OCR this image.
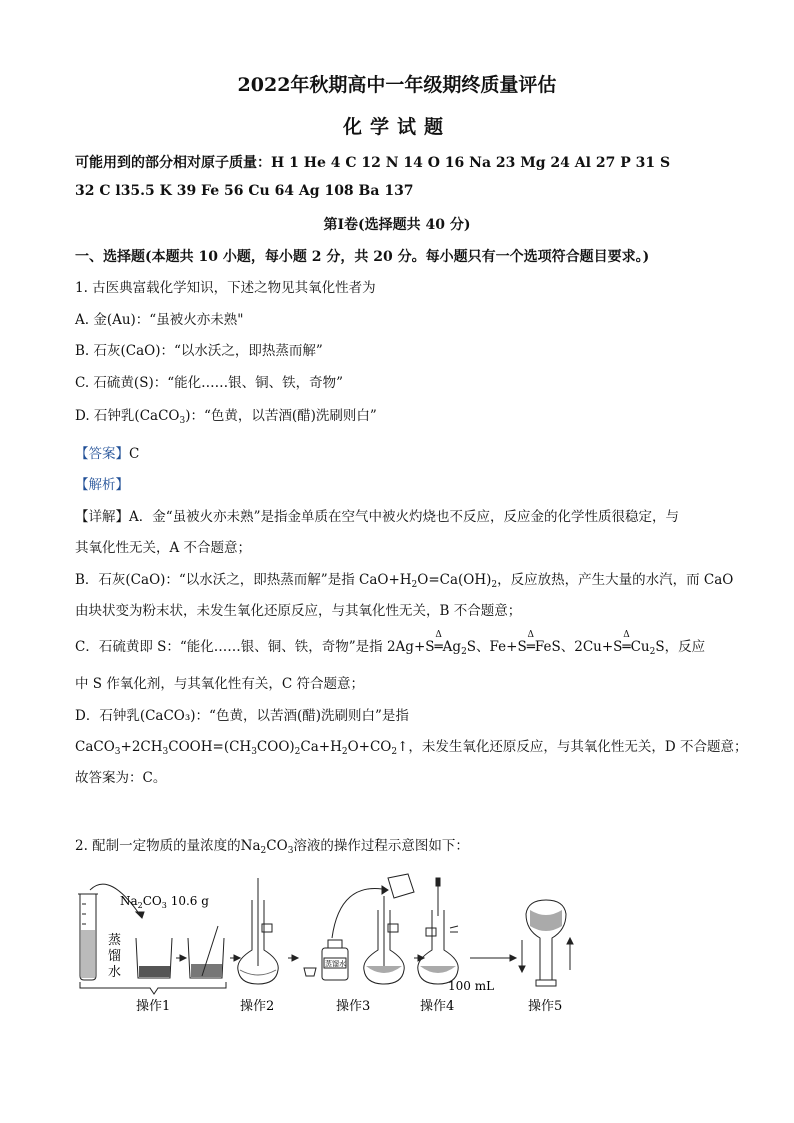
2022年秋期高中一年级期终质量评估
化学试题
可能用到的部分相对原子质量：H 1 He 4 C 12 N 14 O 16 Na 23 Mg 24 Al 27 P 31 S
32 C l35.5 K 39 Fe 56 Cu 64 Ag 108 Ba 137
第Ⅰ卷(选择题共 40 分)
一、选择题(本题共 10 小题，每小题 2 分，共 20 分。每小题只有一个选项符合题目要求。)
1. 古医典富载化学知识，下述之物见其氧化性者为
A. 金(Au)：“虽被火亦未熟"
B. 石灰(CaO)：“以水沃之，即热蒸而解”
C. 石硫黄(S)：“能化……银、铜、铁，奇物”
D. 石钟乳(CaCO$_3$)：“色黄，以苦酒(醋)洗刷则白”
【答案】C
【解析】
【详解】A．金“虽被火亦未熟”是指金单质在空气中被火灼烧也不反应，反应金的化学性质很稳定，与
其氧化性无关，A 不合题意；
B．石灰(CaO)：“以水沃之，即热蒸而解”是指 $CaO+H_2O=Ca(OH)_2$，反应放热，产生大量的水汽，而 CaO
由块状变为粉末状，未发生氧化还原反应，与其氧化性无关，B 不合题意；
C．石硫黄即 S：“能化……银、铜、铁，奇物”是指 2Ag+S
Δ
$═Ag_2S$、Fe+S
Δ
═FeS、2Cu+S
Δ
$═Cu_2S$，反应
中 S 作氧化剂，与其氧化性有关，C 符合题意；
D．石钟乳(CaCO₃)：“色黄，以苦酒(醋)洗刷则白”是指
$CaCO_3+2CH_3COOH=(CH_3COO)_2Ca+H_2O+CO_2↑$，未发生氧化还原反应，与其氧化性无关，D 不合题意；
故答案为：C。
2. 配制一定物质的量浓度的$Na_2CO_3$溶液的操作过程示意图如下：
$Na_2CO_3$ 10.6 g
蒸
馏
水
蒸馏水
100 mL
操作1	操作2	操作3	操作4	操作5
